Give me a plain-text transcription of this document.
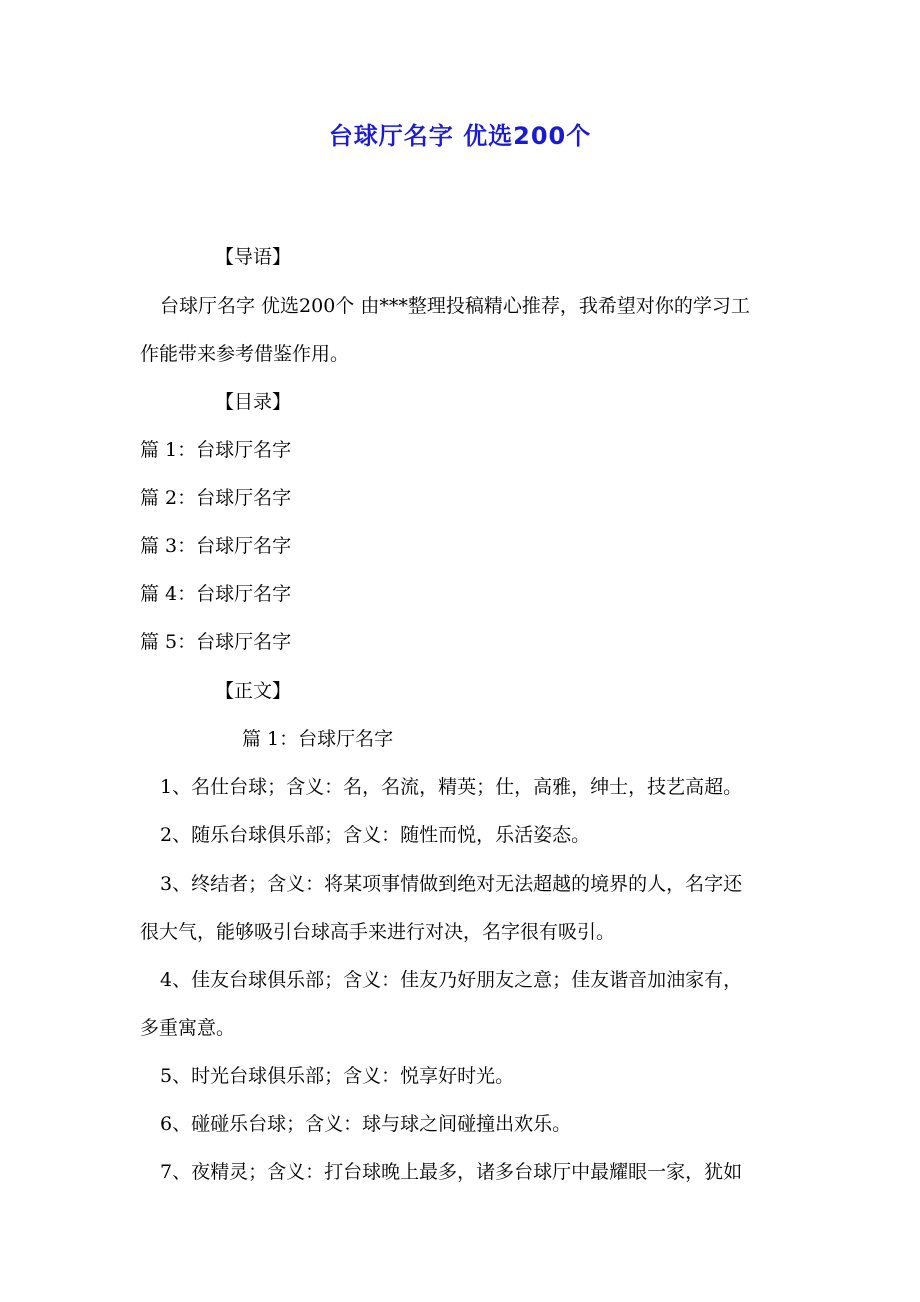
台球厅名字 优选200个
【导语】
台球厅名字 优选200个 由***整理投稿精心推荐，我希望对你的学习工
作能带来参考借鉴作用。
【目录】
篇 1：台球厅名字
篇 2：台球厅名字
篇 3：台球厅名字
篇 4：台球厅名字
篇 5：台球厅名字
【正文】
篇 1：台球厅名字
1、名仕台球；含义：名，名流，精英；仕，高雅，绅士，技艺高超。
2、随乐台球俱乐部；含义：随性而悦，乐活姿态。
3、终结者；含义：将某项事情做到绝对无法超越的境界的人，名字还
很大气，能够吸引台球高手来进行对决，名字很有吸引。
4、佳友台球俱乐部；含义：佳友乃好朋友之意；佳友谐音加油家有，
多重寓意。
5、时光台球俱乐部；含义：悦享好时光。
6、碰碰乐台球；含义：球与球之间碰撞出欢乐。
7、夜精灵；含义：打台球晚上最多，诸多台球厅中最耀眼一家，犹如
